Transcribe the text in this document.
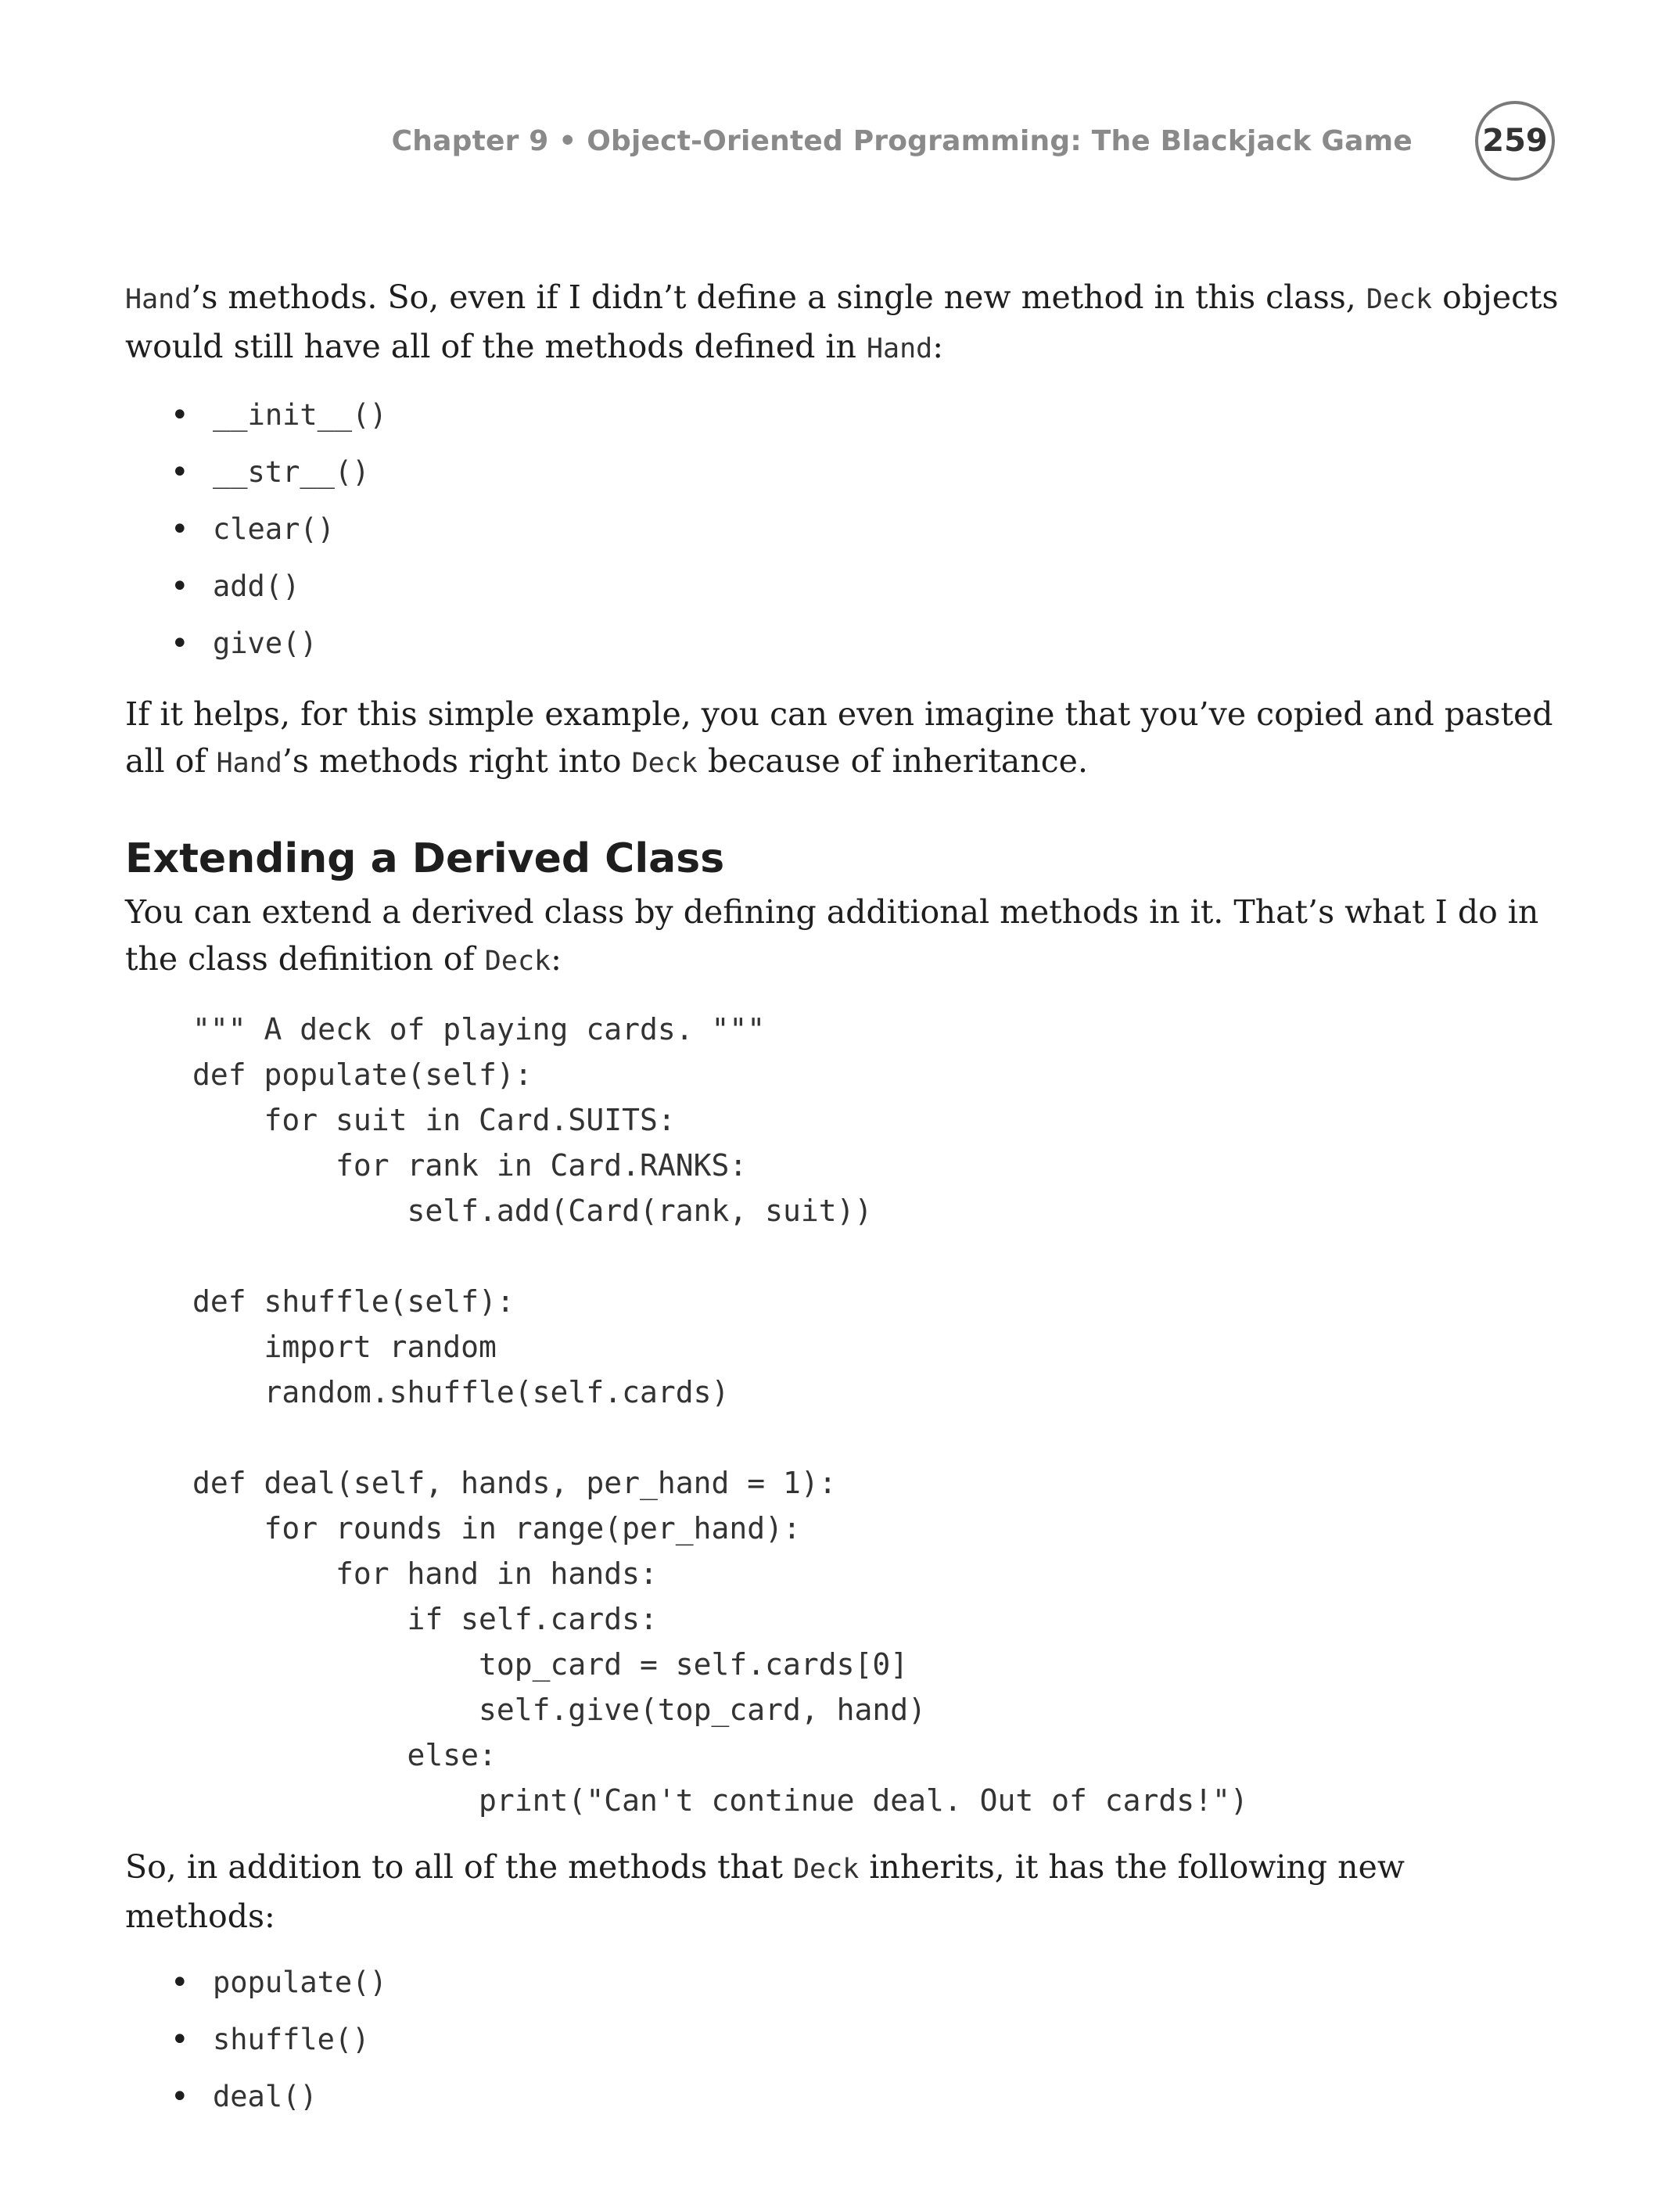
Chapter 9 • Object-Oriented Programming: The Blackjack Game 259

Hand’s methods. So, even if I didn’t define a single new method in this class, Deck objects would still have all of the methods defined in Hand:

• __init__()
• __str__()
• clear()
• add()
• give()

If it helps, for this simple example, you can even imagine that you’ve copied and pasted all of Hand’s methods right into Deck because of inheritance.

Extending a Derived Class

You can extend a derived class by defining additional methods in it. That’s what I do in the class definition of Deck:

""" A deck of playing cards. """
def populate(self):
for suit in Card.SUITS:
for rank in Card.RANKS:
self.add(Card(rank, suit))

def shuffle(self):
import random
random.shuffle(self.cards)

def deal(self, hands, per_hand = 1):
for rounds in range(per_hand):
for hand in hands:
if self.cards:
top_card = self.cards[0]
self.give(top_card, hand)
else:
print("Can't continue deal. Out of cards!")

So, in addition to all of the methods that Deck inherits, it has the following new methods:

• populate()
• shuffle()
• deal()
